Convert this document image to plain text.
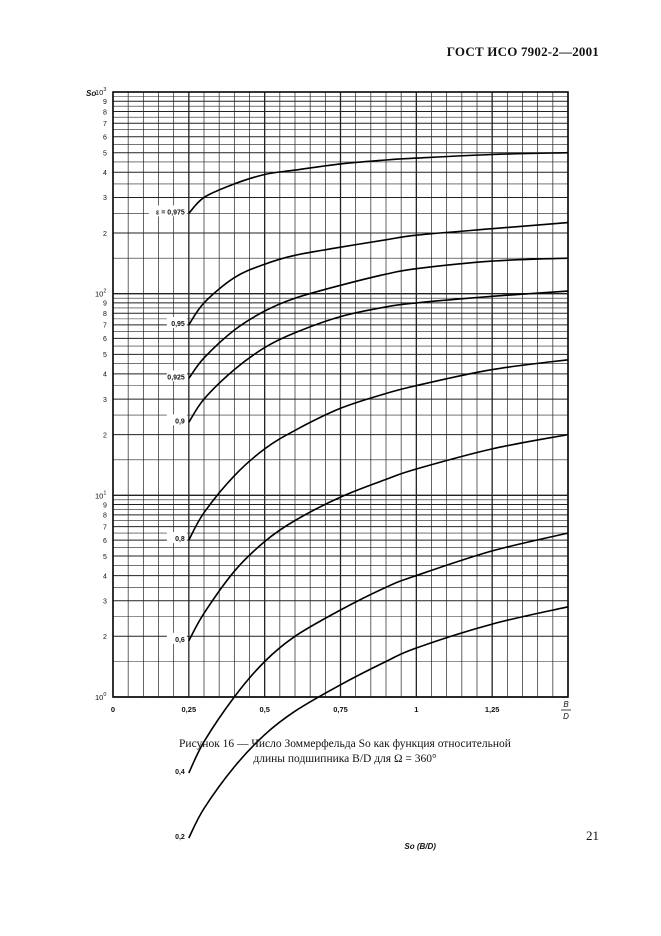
ГОСТ ИСО 7902-2—2001
0	0,25	0,5	0,75	1	1,25
B
D
So
$10^0$
$10^1$
$10^2$
$10^3$
2
3
4
5
6
7
8
9
2
3
4
5
6
7
8
9
2
3
4
5
6
7
8
9
So (B/D)
ε = 0,975
0,95
0,925
0,9
0,8
0,6
0,4
0,2
Рисунок 16 — Число Зоммерфельда So как функция относительной
длины подшипника B/D для Ω = 360°
21
